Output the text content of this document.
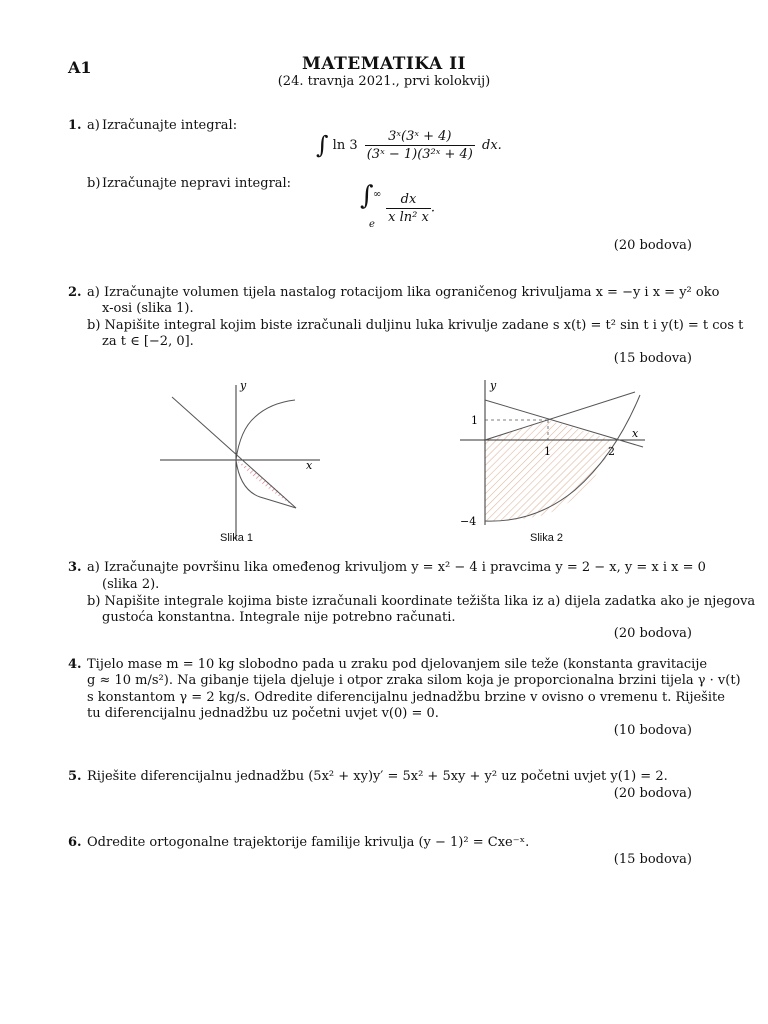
A1	MATEMATIKA II
(24. travnja 2021., prvi kolokvij)
1. a) Izračunajte integral:
∫ $\ln 3 \frac{\text{3ˣ(3ˣ + 4)}}{\text{(3ˣ − 1)(3²ˣ + 4)}}$ dx.
b) Izračunajte nepravi integral:	∫ ∞
e
$\frac{dx}{\text{x ln² x}}$ .
(20 bodova)
2. a) Izračunajte volumen tijela nastalog rotacijom lika ograničenog krivuljama x = −y i x = y² oko
x-osi (slika 1).
b) Napišite integral kojim biste izračunali duljinu luka krivulje zadane s x(t) = t² sin t i y(t) = t cos t
za t ∈ [−2, 0].
(15 bodova)
y
x
Slika 1
y
x
1
1	2
−4
Slika 2
3. a) Izračunajte površinu lika omeđenog krivuljom y = x² − 4 i pravcima y = 2 − x, y = x i x = 0
(slika 2).
b) Napišite integrale kojima biste izračunali koordinate težišta lika iz a) dijela zadatka ako je njegova
gustoća konstantna. Integrale nije potrebno računati.
(20 bodova)
4. Tijelo mase m = 10 kg slobodno pada u zraku pod djelovanjem sile teže (konstanta gravitacije
g ≈ 10 m/s²). Na gibanje tijela djeluje i otpor zraka silom koja je proporcionalna brzini tijela γ · v(t)
s konstantom γ = 2 kg/s. Odredite diferencijalnu jednadžbu brzine v ovisno o vremenu t. Riješite
tu diferencijalnu jednadžbu uz početni uvjet v(0) = 0.
(10 bodova)
5. Riješite diferencijalnu jednadžbu (5x² + xy)y′ = 5x² + 5xy + y² uz početni uvjet y(1) = 2.
(20 bodova)
6. Odredite ortogonalne trajektorije familije krivulja (y − 1)² = Cxe⁻ˣ.
(15 bodova)
